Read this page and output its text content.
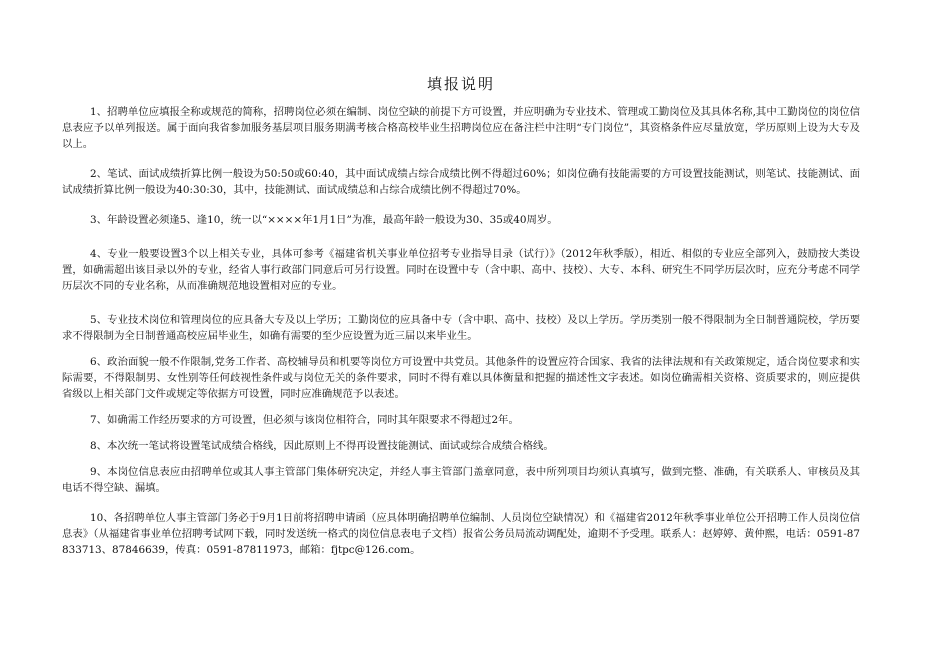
填报说明

1、招聘单位应填报全称或规范的简称，招聘岗位必须在编制、岗位空缺的前提下方可设置，并应明确为专业技术、管理或工勤岗位及其具体名称,其中工勤岗位的岗位信息表应予以单列报送。属于面向我省参加服务基层项目服务期满考核合格高校毕业生招聘岗位应在备注栏中注明“专门岗位”，其资格条件应尽量放宽，学历原则上设为大专及以上。

2、笔试、面试成绩折算比例一般设为50:50或60:40，其中面试成绩占综合成绩比例不得超过60%；如岗位确有技能需要的方可设置技能测试，则笔试、技能测试、面试成绩折算比例一般设为40:30:30，其中，技能测试、面试成绩总和占综合成绩比例不得超过70%。

3、年龄设置必须逢5、逢10，统一以“××××年1月1日”为准，最高年龄一般设为30、35或40周岁。

4、专业一般要设置3个以上相关专业，具体可参考《福建省机关事业单位招考专业指导目录（试行）》（2012年秋季版），相近、相似的专业应全部列入，鼓励按大类设置，如确需超出该目录以外的专业，经省人事行政部门同意后可另行设置。同时在设置中专（含中职、高中、技校）、大专、本科、研究生不同学历层次时，应充分考虑不同学历层次不同的专业名称，从而准确规范地设置相对应的专业。

5、专业技术岗位和管理岗位的应具备大专及以上学历；工勤岗位的应具备中专（含中职、高中、技校）及以上学历。学历类别一般不得限制为全日制普通院校，学历要求不得限制为全日制普通高校应届毕业生，如确有需要的至少应设置为近三届以来毕业生。

6、政治面貌一般不作限制,党务工作者、高校辅导员和机要等岗位方可设置中共党员。其他条件的设置应符合国家、我省的法律法规和有关政策规定，适合岗位要求和实际需要，不得限制男、女性别等任何歧视性条件或与岗位无关的条件要求，同时不得有难以具体衡量和把握的描述性文字表述。如岗位确需相关资格、资质要求的，则应提供省级以上相关部门文件或规定等依据方可设置，同时应准确规范予以表述。

7、如确需工作经历要求的方可设置，但必须与该岗位相符合，同时其年限要求不得超过2年。

8、本次统一笔试将设置笔试成绩合格线，因此原则上不得再设置技能测试、面试或综合成绩合格线。

9、本岗位信息表应由招聘单位或其人事主管部门集体研究决定，并经人事主管部门盖章同意，表中所列项目均须认真填写，做到完整、准确，有关联系人、审核员及其电话不得空缺、漏填。

10、各招聘单位人事主管部门务必于9月1日前将招聘申请函（应具体明确招聘单位编制、人员岗位空缺情况）和《福建省2012年秋季事业单位公开招聘工作人员岗位信息表》（从福建省事业单位招聘考试网下载，同时发送统一格式的岗位信息表电子文档）报省公务员局流动调配处，逾期不予受理。联系人：赵婷婷、黄仲熙，电话：0591-87833713、87846639，传真：0591-87811973，邮箱：fjtpc@126.com。
